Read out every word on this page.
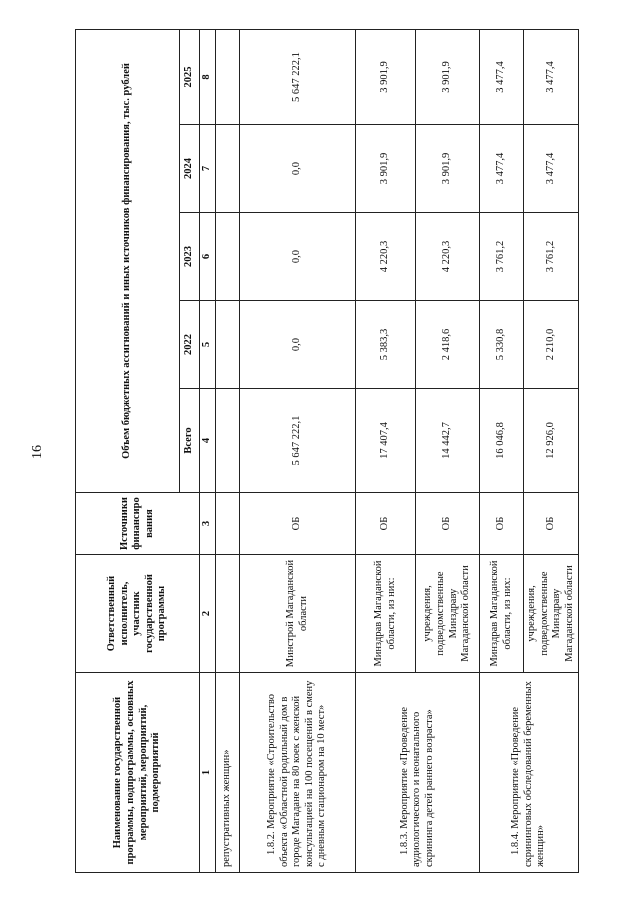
16
Наименование государственной программы, подпрограммы, основных мероприятий, мероприятий, подмероприятий	Ответственный исполнитель, участник государственной программы	Источники финансиро вания	Объем бюджетных ассигнований и иных источников финансирования, тыс. рублей				
			Всего	2022	2023	2024	2025
1	2	3	4	5	6	7	8
репустративных женщин»							
1.8.2. Мероприятие «Строительство объекта «Областной родильный дом в городе Магадане на 80 коек с женской консультацией на 100 посещений в смену с дневным стационаром на 10 мест»	Минстрой Магаданской области	ОБ	5 647 222,1	0,0	0,0	0,0	5 647 222,1
1.8.3. Мероприятие «Проведение аудиологического и неонатального скрининга детей раннего возраста»	Минздрав Магаданской области, из них:	ОБ	17 407,4	5 383,3	4 220,3	3 901,9	3 901,9
	учреждения, подведомственные Минздраву Магаданской области	ОБ	14 442,7	2 418,6	4 220,3	3 901,9	3 901,9
1.8.4. Мероприятие «Проведение скрининговых обследований беременных женщин»	Минздрав Магаданской области, из них:	ОБ	16 046,8	5 330,8	3 761,2	3 477,4	3 477,4
	учреждения, подведомственные Минздраву Магаданской области	ОБ	12 926,0	2 210,0	3 761,2	3 477,4	3 477,4
